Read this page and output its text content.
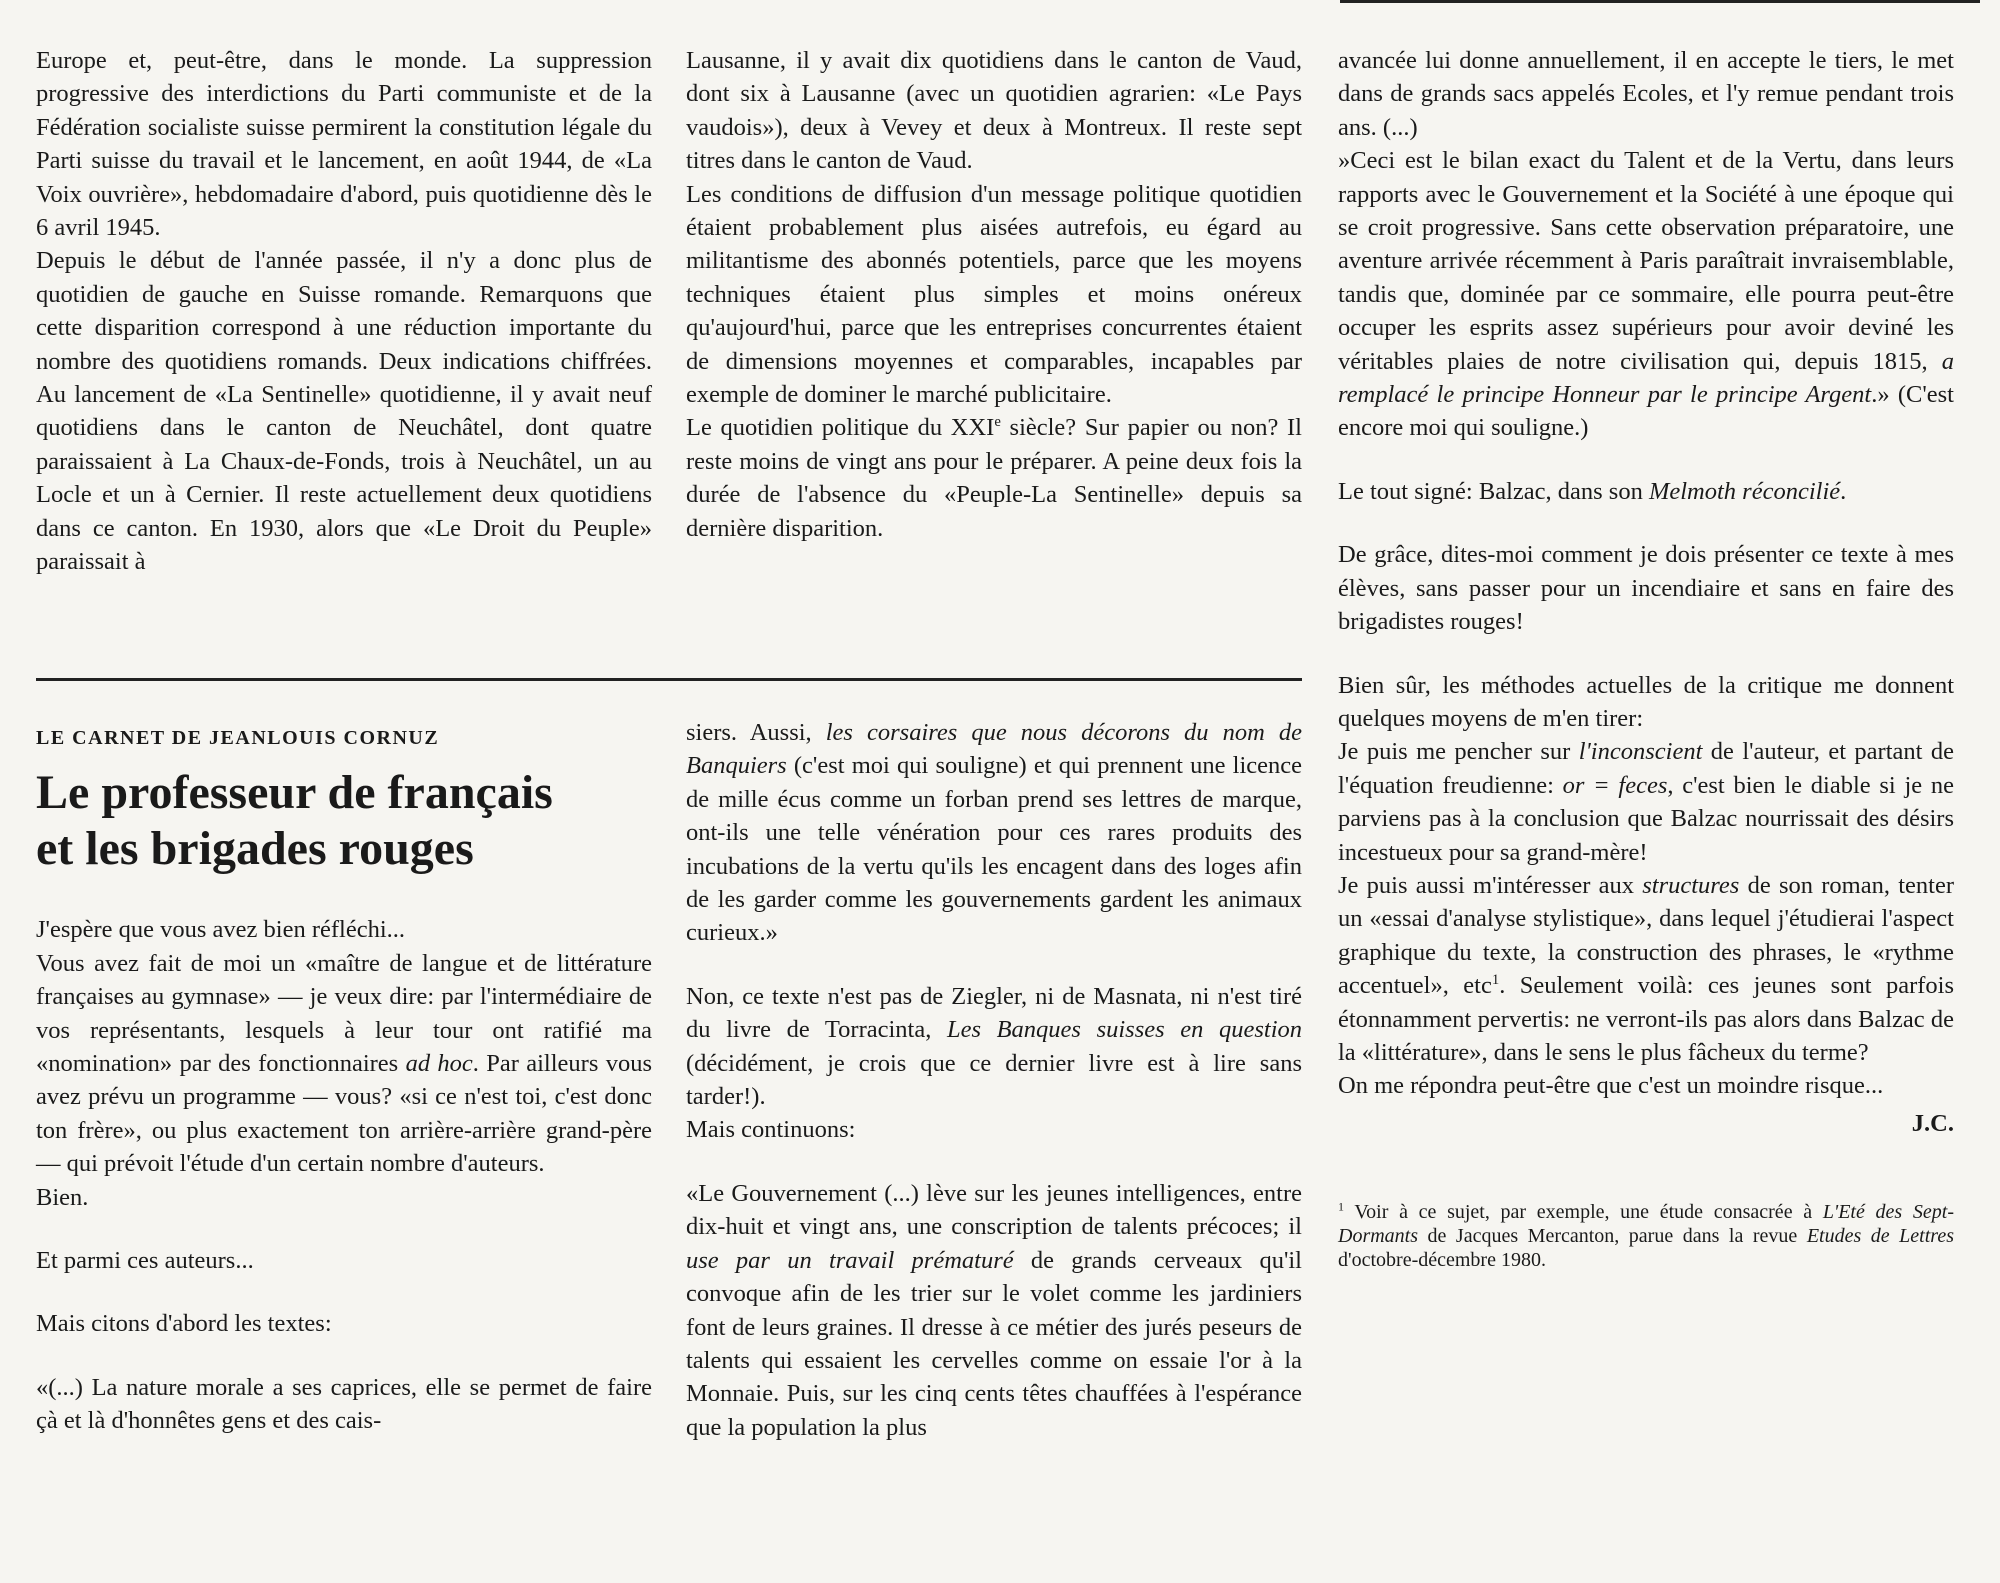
Europe et, peut-être, dans le monde. La suppression progressive des interdictions du Parti communiste et de la Fédération socialiste suisse permirent la constitution légale du Parti suisse du travail et le lancement, en août 1944, de «La Voix ouvrière», hebdomadaire d'abord, puis quotidienne dès le 6 avril 1945.

Depuis le début de l'année passée, il n'y a donc plus de quotidien de gauche en Suisse romande. Remarquons que cette disparition correspond à une réduction importante du nombre des quotidiens romands. Deux indications chiffrées. Au lancement de «La Sentinelle» quotidienne, il y avait neuf quotidiens dans le canton de Neuchâtel, dont quatre paraissaient à La Chaux-de-Fonds, trois à Neuchâtel, un au Locle et un à Cernier. Il reste actuellement deux quotidiens dans ce canton. En 1930, alors que «Le Droit du Peuple» paraissait à

Lausanne, il y avait dix quotidiens dans le canton de Vaud, dont six à Lausanne (avec un quotidien agrarien: «Le Pays vaudois»), deux à Vevey et deux à Montreux. Il reste sept titres dans le canton de Vaud.

Les conditions de diffusion d'un message politique quotidien étaient probablement plus aisées autrefois, eu égard au militantisme des abonnés potentiels, parce que les moyens techniques étaient plus simples et moins onéreux qu'aujourd'hui, parce que les entreprises concurrentes étaient de dimensions moyennes et comparables, incapables par exemple de dominer le marché publicitaire.

Le quotidien politique du XXIe siècle? Sur papier ou non? Il reste moins de vingt ans pour le préparer. A peine deux fois la durée de l'absence du «Peuple-La Sentinelle» depuis sa dernière disparition.

LE CARNET DE JEANLOUIS CORNUZ
Le professeur de français
et les brigades rouges

J'espère que vous avez bien réfléchi...

Vous avez fait de moi un «maître de langue et de littérature françaises au gymnase» — je veux dire: par l'intermédiaire de vos représentants, lesquels à leur tour ont ratifié ma «nomination» par des fonctionnaires ad hoc. Par ailleurs vous avez prévu un programme — vous? «si ce n'est toi, c'est donc ton frère», ou plus exactement ton arrière-arrière grand-père — qui prévoit l'étude d'un certain nombre d'auteurs.

Bien.

Et parmi ces auteurs...

Mais citons d'abord les textes:

«(...) La nature morale a ses caprices, elle se permet de faire çà et là d'honnêtes gens et des cais-

siers. Aussi, les corsaires que nous décorons du nom de Banquiers (c'est moi qui souligne) et qui prennent une licence de mille écus comme un forban prend ses lettres de marque, ont-ils une telle vénération pour ces rares produits des incubations de la vertu qu'ils les encagent dans des loges afin de les garder comme les gouvernements gardent les animaux curieux.»

Non, ce texte n'est pas de Ziegler, ni de Masnata, ni n'est tiré du livre de Torracinta, Les Banques suisses en question (décidément, je crois que ce dernier livre est à lire sans tarder!).

Mais continuons:

«Le Gouvernement (...) lève sur les jeunes intelligences, entre dix-huit et vingt ans, une conscription de talents précoces; il use par un travail prématuré de grands cerveaux qu'il convoque afin de les trier sur le volet comme les jardiniers font de leurs graines. Il dresse à ce métier des jurés peseurs de talents qui essaient les cervelles comme on essaie l'or à la Monnaie. Puis, sur les cinq cents têtes chauffées à l'espérance que la population la plus

avancée lui donne annuellement, il en accepte le tiers, le met dans de grands sacs appelés Ecoles, et l'y remue pendant trois ans. (...)

»Ceci est le bilan exact du Talent et de la Vertu, dans leurs rapports avec le Gouvernement et la Société à une époque qui se croit progressive. Sans cette observation préparatoire, une aventure arrivée récemment à Paris paraîtrait invraisemblable, tandis que, dominée par ce sommaire, elle pourra peut-être occuper les esprits assez supérieurs pour avoir deviné les véritables plaies de notre civilisation qui, depuis 1815, a remplacé le principe Honneur par le principe Argent.» (C'est encore moi qui souligne.)

Le tout signé: Balzac, dans son Melmoth réconcilié.

De grâce, dites-moi comment je dois présenter ce texte à mes élèves, sans passer pour un incendiaire et sans en faire des brigadistes rouges!

Bien sûr, les méthodes actuelles de la critique me donnent quelques moyens de m'en tirer:

Je puis me pencher sur l'inconscient de l'auteur, et partant de l'équation freudienne: or = feces, c'est bien le diable si je ne parviens pas à la conclusion que Balzac nourrissait des désirs incestueux pour sa grand-mère!

Je puis aussi m'intéresser aux structures de son roman, tenter un «essai d'analyse stylistique», dans lequel j'étudierai l'aspect graphique du texte, la construction des phrases, le «rythme accentuel», etc$^1$. Seulement voilà: ces jeunes sont parfois étonnamment pervertis: ne verront-ils pas alors dans Balzac de la «littérature», dans le sens le plus fâcheux du terme?

On me répondra peut-être que c'est un moindre risque...

J.C.

$^1$ Voir à ce sujet, par exemple, une étude consacrée à L'Eté des Sept-Dormants de Jacques Mercanton, parue dans la revue Etudes de Lettres d'octobre-décembre 1980.
